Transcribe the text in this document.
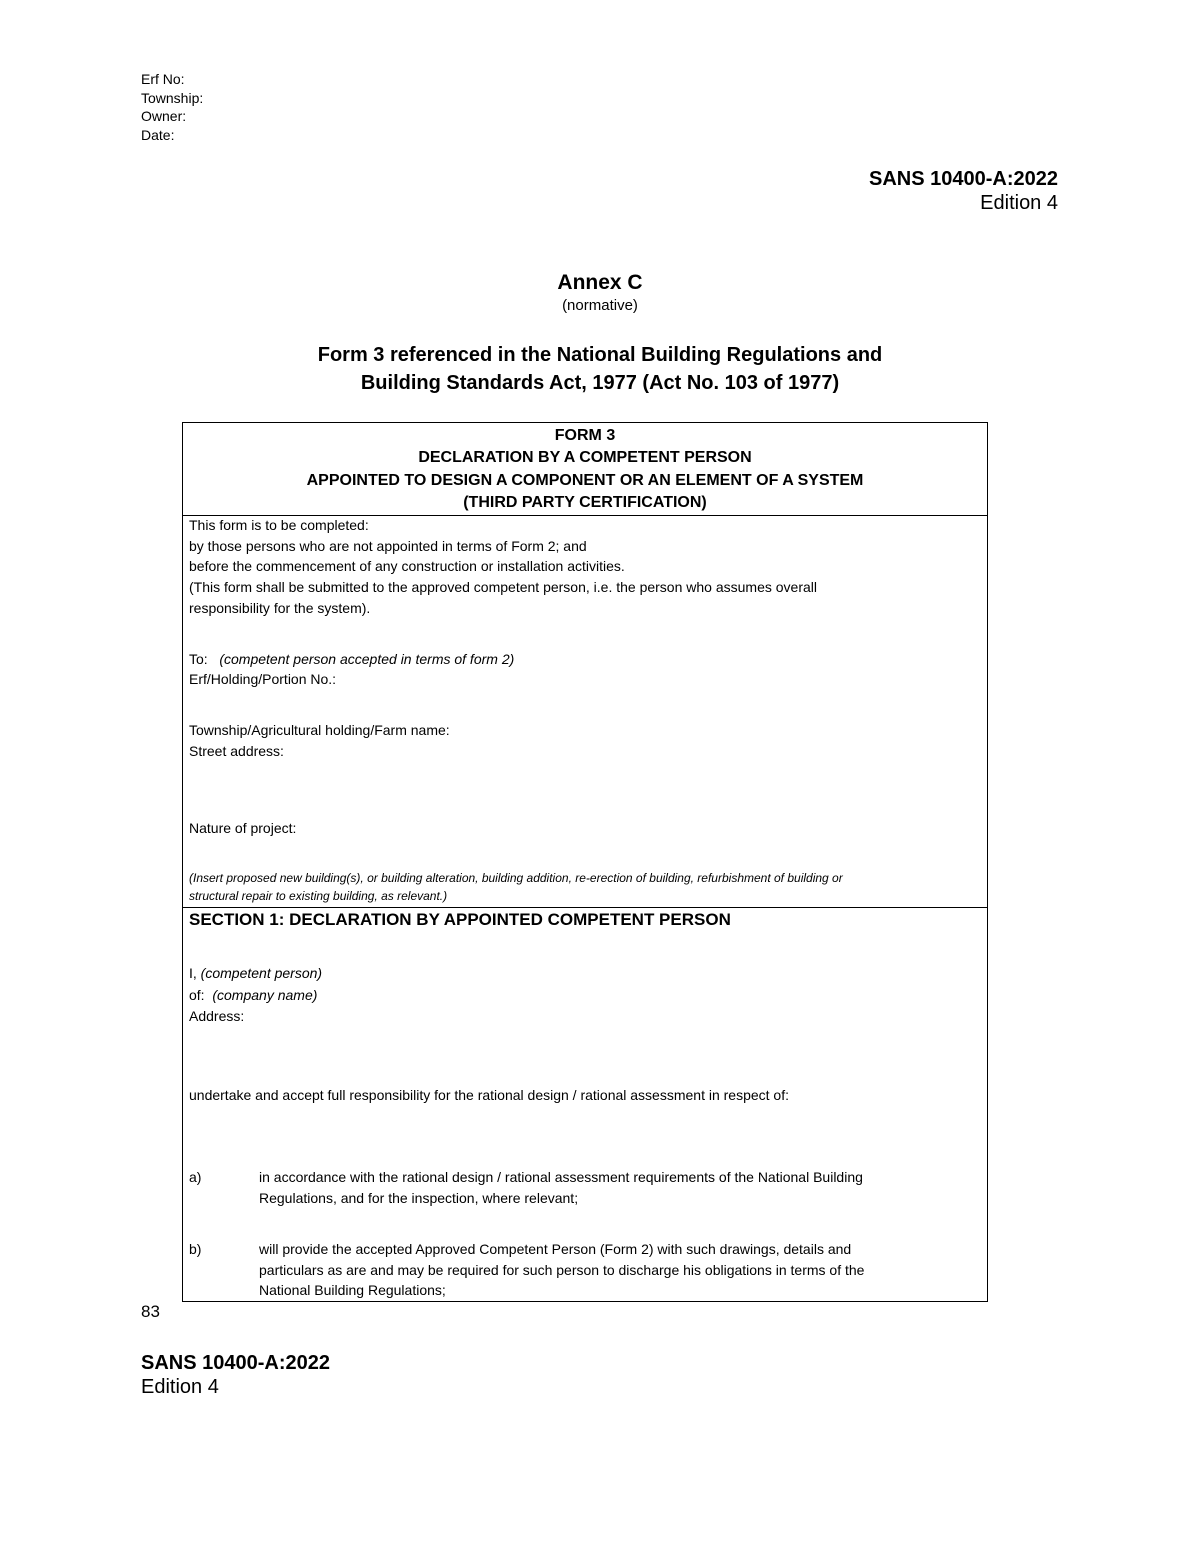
Erf No:
Township:
Owner:
Date:
SANS 10400-A:2022
Edition 4
Annex C
(normative)
Form 3 referenced in the National Building Regulations and
Building Standards Act, 1977 (Act No. 103 of 1977)
FORM 3
DECLARATION BY A COMPETENT PERSON
APPOINTED TO DESIGN A COMPONENT OR AN ELEMENT OF A SYSTEM
(THIRD PARTY CERTIFICATION)
This form is to be completed:
by those persons who are not appointed in terms of Form 2; and
before the commencement of any construction or installation activities.
(This form shall be submitted to the approved competent person, i.e. the person who assumes overall
responsibility for the system).
To: (competent person accepted in terms of form 2)
Erf/Holding/Portion No.:
Township/Agricultural holding/Farm name:
Street address:
Nature of project:
(Insert proposed new building(s), or building alteration, building addition, re-erection of building, refurbishment of building or
structural repair to existing building, as relevant.)
SECTION 1: DECLARATION BY APPOINTED COMPETENT PERSON
I, (competent person)
of: (company name)
Address:
undertake and accept full responsibility for the rational design / rational assessment in respect of:
a)	in accordance with the rational design / rational assessment requirements of the National Building
Regulations, and for the inspection, where relevant;
b)	will provide the accepted Approved Competent Person (Form 2) with such drawings, details and
particulars as are and may be required for such person to discharge his obligations in terms of the
National Building Regulations;
83
SANS 10400-A:2022
Edition 4
